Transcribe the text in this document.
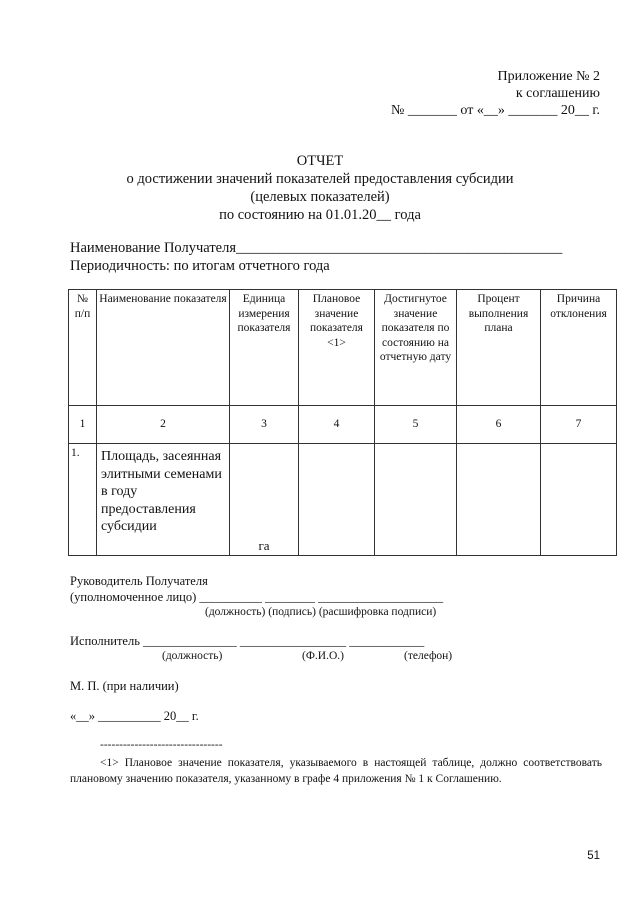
Приложение № 2
к соглашению
№ _______ от «__» _______ 20__ г.
ОТЧЕТ
о достижении значений показателей предоставления субсидии
(целевых показателей)
по состоянию на 01.01.20__ года
Наименование Получателя_____________________________________________
Периодичность: по итогам отчетного года
№ п/п	Наименование показателя	Единица измерения показателя	Плановое значение показателя <1>	Достигнутое значение показателя по состоянию на отчетную дату	Процент выполнения плана	Причина отклонения
1	2	3	4	5	6	7
1.	Площадь, засеянная элитными семенами в году предоставления субсидии	га				
Руководитель Получателя
(уполномоченное лицо) __________ ________ ____________________
(должность) (подпись) (расшифровка подписи)
Исполнитель _______________ _________________ ____________
(должность)	(Ф.И.О.)	(телефон)
М. П. (при наличии)
«__» __________ 20__ г.
--------------------------------
<1> Плановое значение показателя, указываемого в настоящей таблице, должно соответствовать плановому значению показателя, указанному в графе 4 приложения № 1 к Соглашению.
51
